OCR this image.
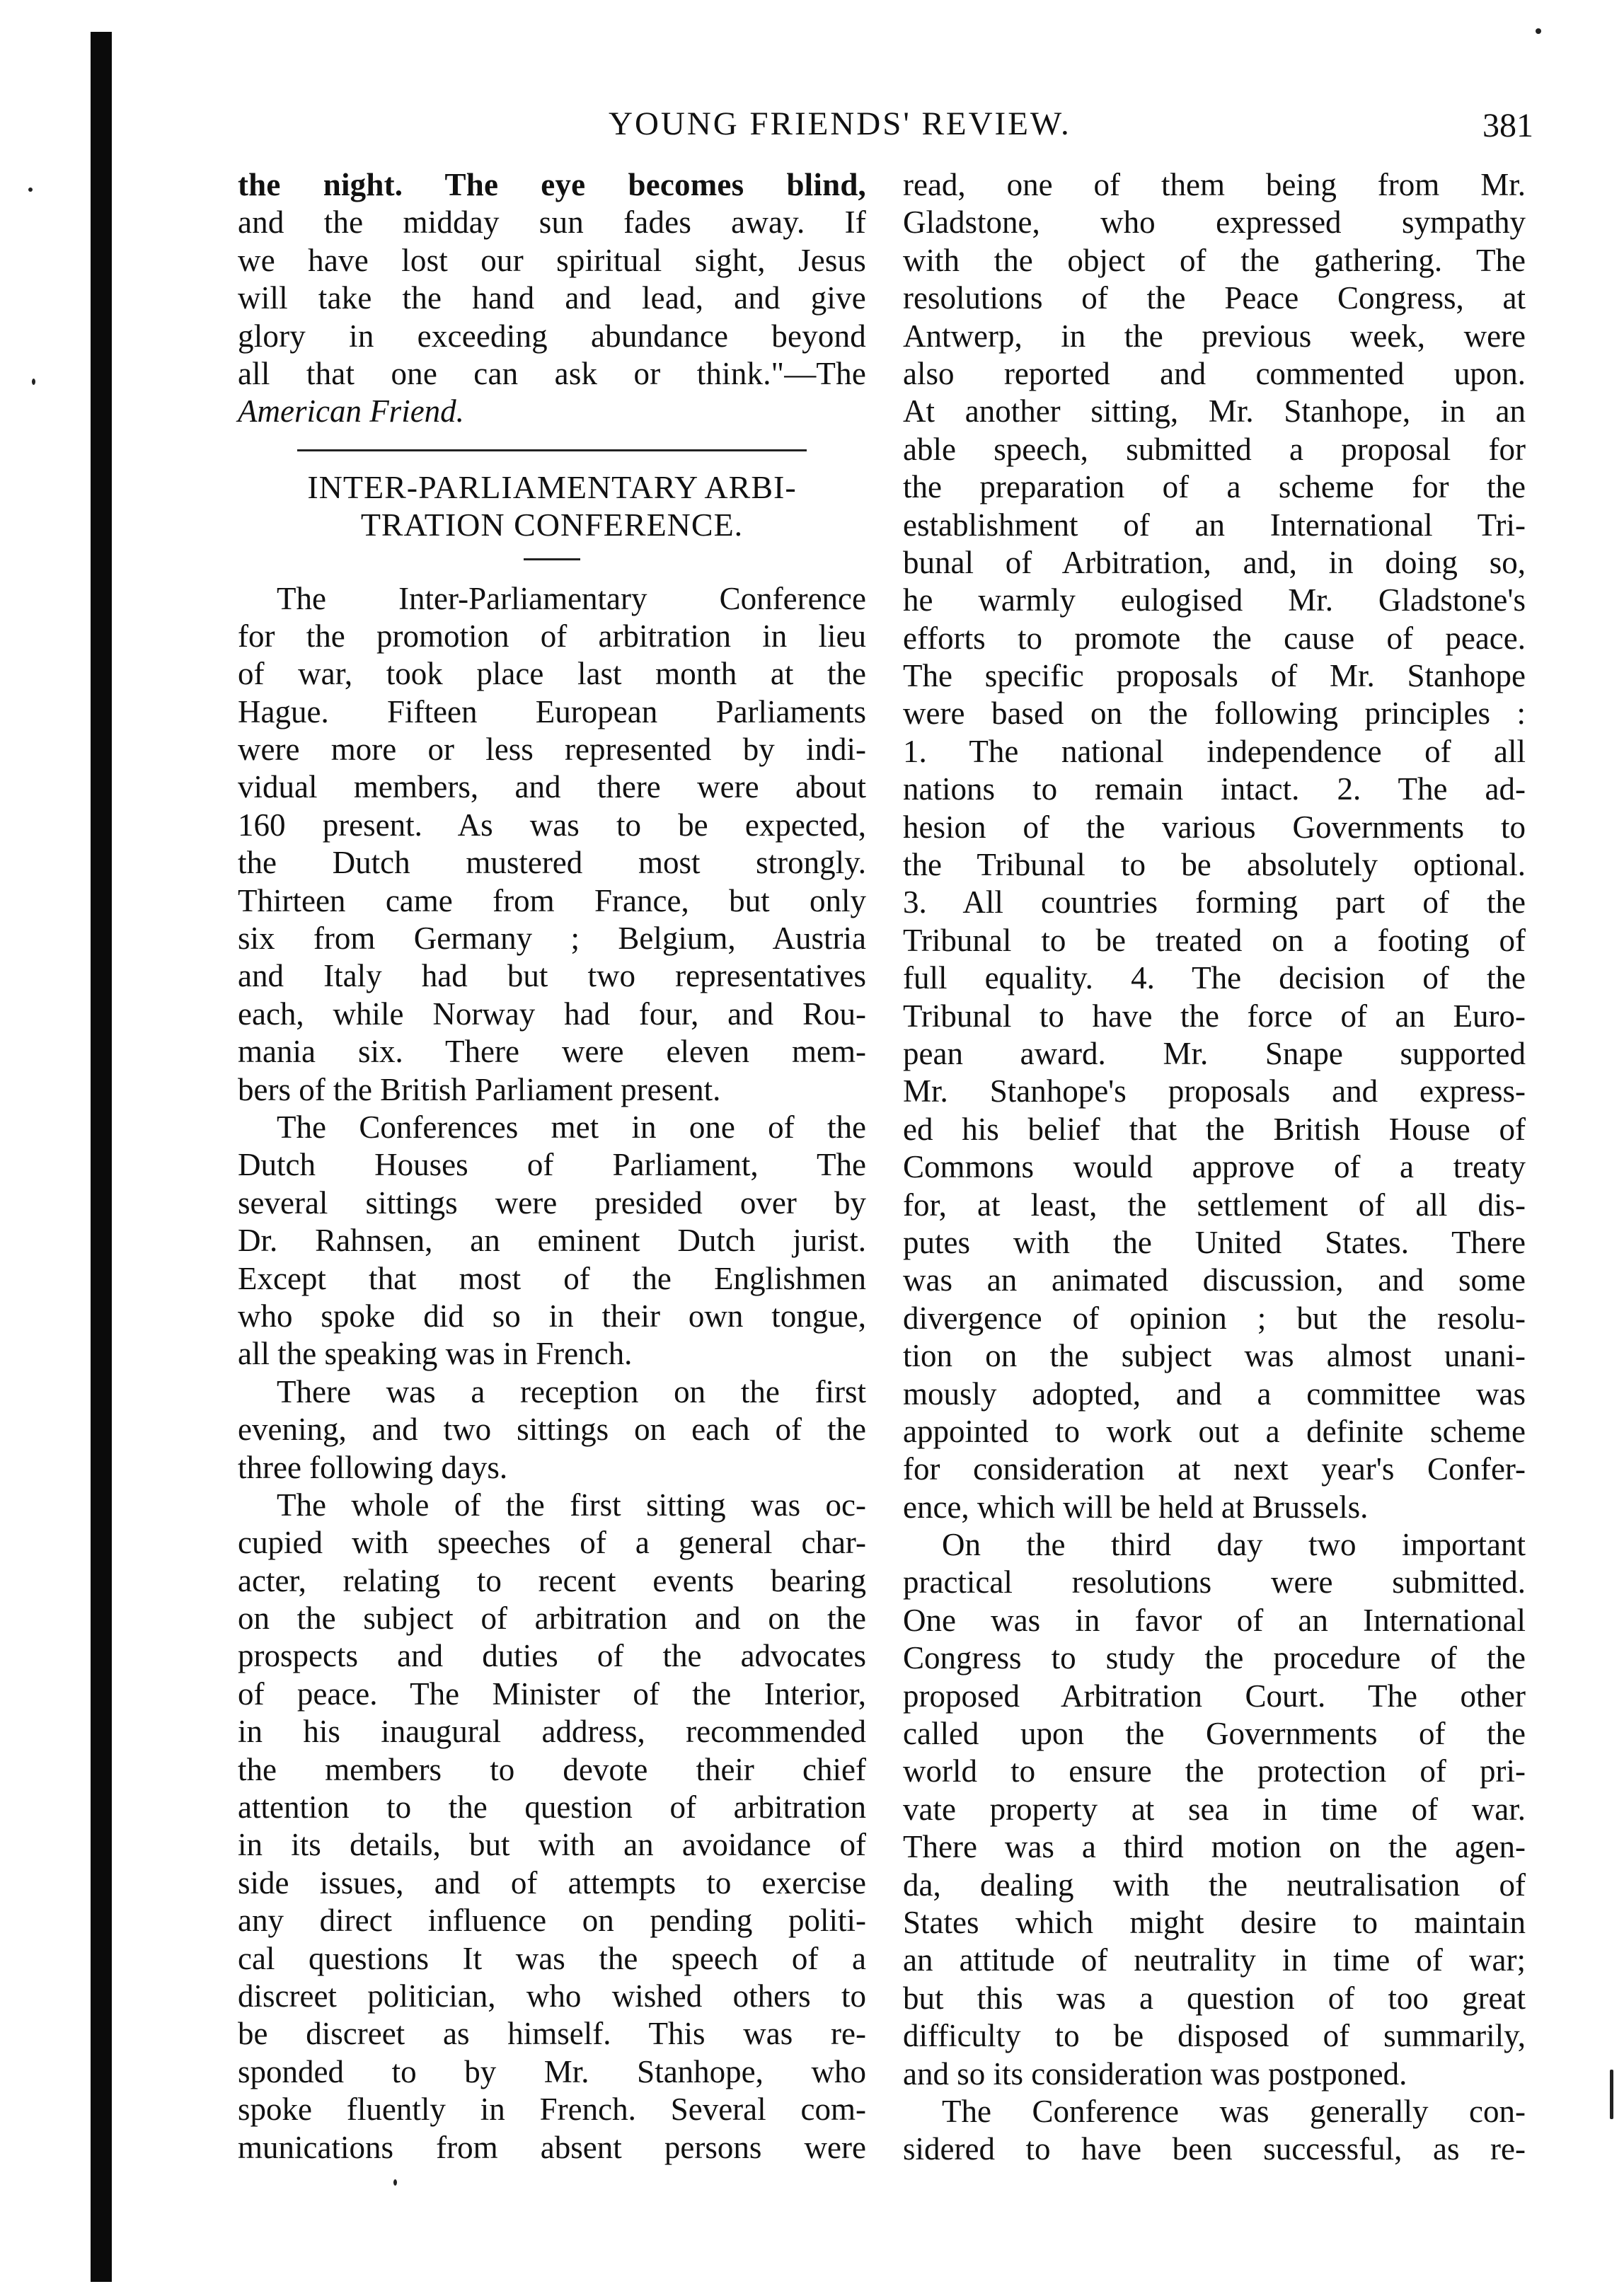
YOUNG FRIENDS' REVIEW.	381
the night. The eye becomes blind,
and the midday sun fades away. If
we have lost our spiritual sight, Jesus
will take the hand and lead, and give
glory in exceeding abundance beyond
all that one can ask or think."—The
American Friend.
INTER-PARLIAMENTARY ARBI-
TRATION CONFERENCE.
The Inter-Parliamentary Conference
for the promotion of arbitration in lieu
of war, took place last month at the
Hague. Fifteen European Parliaments
were more or less represented by indi-
vidual members, and there were about
160 present. As was to be expected,
the Dutch mustered most strongly.
Thirteen came from France, but only
six from Germany ; Belgium, Austria
and Italy had but two representatives
each, while Norway had four, and Rou-
mania six. There were eleven mem-
bers of the British Parliament present.
The Conferences met in one of the
Dutch Houses of Parliament, The
several sittings were presided over by
Dr. Rahnsen, an eminent Dutch jurist.
Except that most of the Englishmen
who spoke did so in their own tongue,
all the speaking was in French.
There was a reception on the first
evening, and two sittings on each of the
three following days.
The whole of the first sitting was oc-
cupied with speeches of a general char-
acter, relating to recent events bearing
on the subject of arbitration and on the
prospects and duties of the advocates
of peace. The Minister of the Interior,
in his inaugural address, recommended
the members to devote their chief
attention to the question of arbitration
in its details, but with an avoidance of
side issues, and of attempts to exercise
any direct influence on pending politi-
cal questions It was the speech of a
discreet politician, who wished others to
be discreet as himself. This was re-
sponded to by Mr. Stanhope, who
spoke fluently in French. Several com-
munications from absent persons were
read, one of them being from Mr.
Gladstone, who expressed sympathy
with the object of the gathering. The
resolutions of the Peace Congress, at
Antwerp, in the previous week, were
also reported and commented upon.
At another sitting, Mr. Stanhope, in an
able speech, submitted a proposal for
the preparation of a scheme for the
establishment of an International Tri-
bunal of Arbitration, and, in doing so,
he warmly eulogised Mr. Gladstone's
efforts to promote the cause of peace.
The specific proposals of Mr. Stanhope
were based on the following principles :
1. The national independence of all
nations to remain intact. 2. The ad-
hesion of the various Governments to
the Tribunal to be absolutely optional.
3. All countries forming part of the
Tribunal to be treated on a footing of
full equality. 4. The decision of the
Tribunal to have the force of an Euro-
pean award. Mr. Snape supported
Mr. Stanhope's proposals and express-
ed his belief that the British House of
Commons would approve of a treaty
for, at least, the settlement of all dis-
putes with the United States. There
was an animated discussion, and some
divergence of opinion ; but the resolu-
tion on the subject was almost unani-
mously adopted, and a committee was
appointed to work out a definite scheme
for consideration at next year's Confer-
ence, which will be held at Brussels.
On the third day two important
practical resolutions were submitted.
One was in favor of an International
Congress to study the procedure of the
proposed Arbitration Court. The other
called upon the Governments of the
world to ensure the protection of pri-
vate property at sea in time of war.
There was a third motion on the agen-
da, dealing with the neutralisation of
States which might desire to maintain
an attitude of neutrality in time of war;
but this was a question of too great
difficulty to be disposed of summarily,
and so its consideration was postponed.
The Conference was generally con-
sidered to have been successful, as re-
